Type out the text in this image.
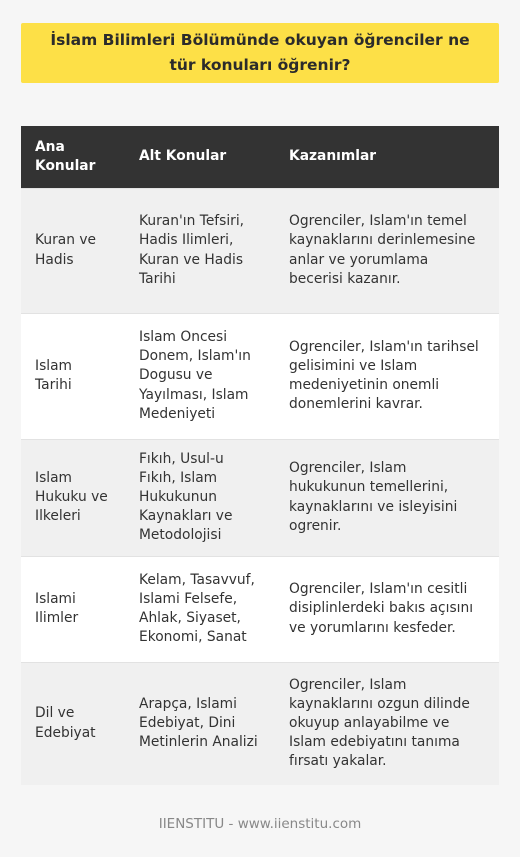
İslam Bilimleri Bölümünde okuyan öğrenciler ne tür konuları öğrenir?
Ana Konular	Alt Konular	Kazanımlar
Kuran ve Hadis	Kuran'ın Tefsiri, Hadis Ilimleri, Kuran ve Hadis Tarihi	Ogrenciler, Islam'ın temel kaynaklarını derinlemesine anlar ve yorumlama becerisi kazanır.
Islam Tarihi	Islam Oncesi Donem, Islam'ın Dogusu ve Yayılması, Islam Medeniyeti	Ogrenciler, Islam'ın tarihsel gelisimini ve Islam medeniyetinin onemli donemlerini kavrar.
Islam Hukuku ve Ilkeleri	Fıkıh, Usul-u Fıkıh, Islam Hukukunun Kaynakları ve Metodolojisi	Ogrenciler, Islam hukukunun temellerini, kaynaklarını ve isleyisini ogrenir.
Islami Ilimler	Kelam, Tasavvuf, Islami Felsefe, Ahlak, Siyaset, Ekonomi, Sanat	Ogrenciler, Islam'ın cesitli disiplinlerdeki bakıs açısını ve yorumlarını kesfeder.
Dil ve Edebiyat	Arapça, Islami Edebiyat, Dini Metinlerin Analizi	Ogrenciler, Islam kaynaklarını ozgun dilinde okuyup anlayabilme ve Islam edebiyatını tanıma fırsatı yakalar.
IIENSTITU - www.iienstitu.com
